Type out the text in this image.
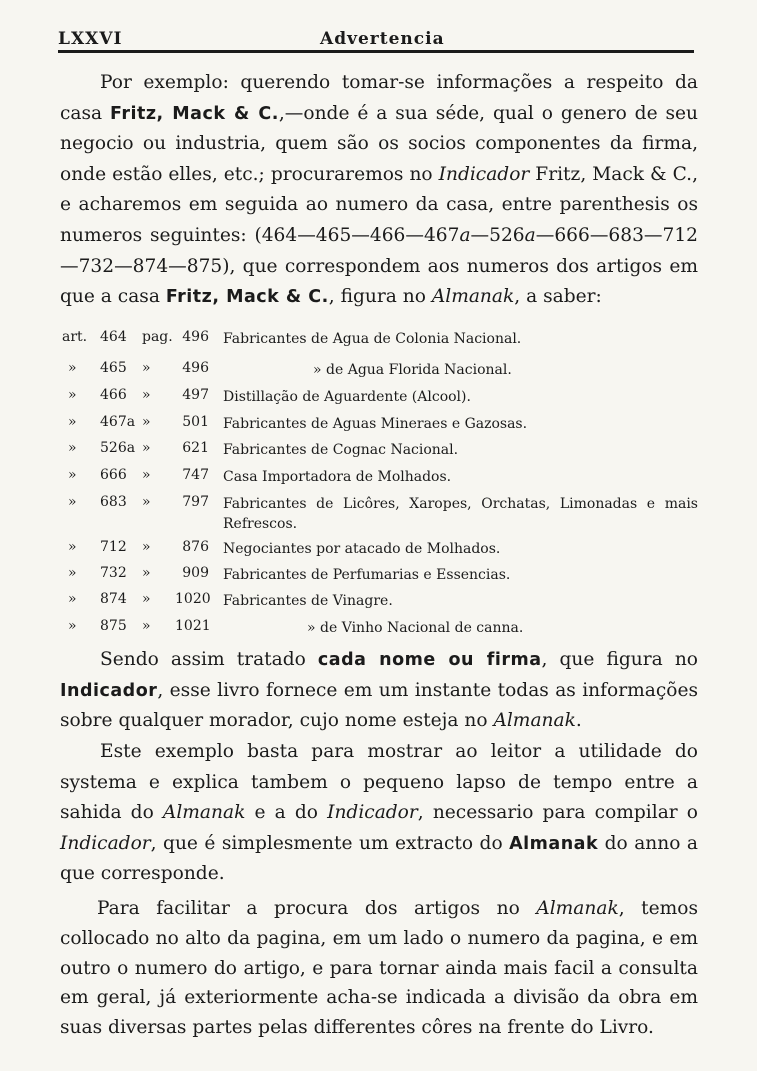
LXXVI	Advertencia
Por exemplo: querendo tomar-se informações a respeito da casa Fritz, Mack & C.,—onde é a sua séde, qual o genero de seu negocio ou industria, quem são os socios componentes da firma, onde estão elles, etc.; procuraremos no Indicador Fritz, Mack & C., e acharemos em seguida ao numero da casa, entre parenthesis os numeros seguintes: (464—465—466—467a—526a—666—683—712—732—874—875), que correspondem aos numeros dos artigos em que a casa Fritz, Mack & C., figura no Almanak, a saber:
art. 464	pag. 496 Fabricantes de Agua de Colonia Nacional.
»	465	»	496	» de Agua Florida Nacional.
»	466	»	497 Distillação de Aguardente (Alcool).
»	467a »	501 Fabricantes de Aguas Mineraes e Gazosas.
»	526a »	621 Fabricantes de Cognac Nacional.
»	666	»	747 Casa Importadora de Molhados.
»	683	»	797 Fabricantes de Licôres, Xaropes, Orchatas, Limonadas e mais Refrescos.
»	712	»	876 Negociantes por atacado de Molhados.
»	732	»	909 Fabricantes de Perfumarias e Essencias.
»	874	»	1020 Fabricantes de Vinagre.
»	875	»	1021	» de Vinho Nacional de canna.
Sendo assim tratado cada nome ou firma, que figura no Indicador, esse livro fornece em um instante todas as informações sobre qualquer morador, cujo nome esteja no Almanak.
Este exemplo basta para mostrar ao leitor a utilidade do systema e explica tambem o pequeno lapso de tempo entre a sahida do Almanak e a do Indicador, necessario para compilar o Indicador, que é simplesmente um extracto do Almanak do anno a que corresponde.
Para facilitar a procura dos artigos no Almanak, temos collocado no alto da pagina, em um lado o numero da pagina, e em outro o numero do artigo, e para tornar ainda mais facil a consulta em geral, já exteriormente acha-se indicada a divisão da obra em suas diversas partes pelas differentes côres na frente do Livro.
